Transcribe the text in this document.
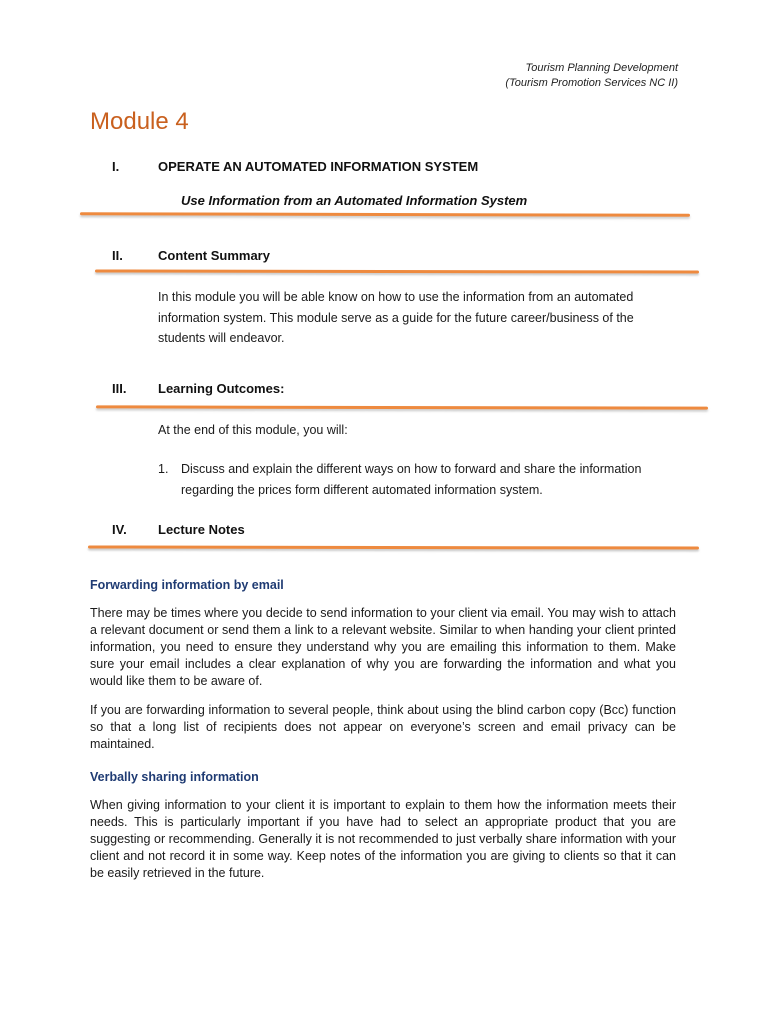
Tourism Planning Development
(Tourism Promotion Services NC II)
Module 4
I.	OPERATE AN AUTOMATED INFORMATION SYSTEM
Use Information from an Automated Information System
II.	Content Summary

In this module you will be able know on how to use the information from an automated information system. This module serve as a guide for the future career/business of the students will endeavor.

III. Learning Outcomes:

At the end of this module, you will:

1. Discuss and explain the different ways on how to forward and share the information regarding the prices form different automated information system.

IV. Lecture Notes
Forwarding information by email

There may be times where you decide to send information to your client via email. You may wish to attach a relevant document or send them a link to a relevant website. Similar to when handing your client printed information, you need to ensure they understand why you are emailing this information to them. Make sure your email includes a clear explanation of why you are forwarding the information and what you would like them to be aware of.

If you are forwarding information to several people, think about using the blind carbon copy (Bcc) function so that a long list of recipients does not appear on everyone’s screen and email privacy can be maintained.

Verbally sharing information

When giving information to your client it is important to explain to them how the information meets their needs. This is particularly important if you have had to select an appropriate product that you are suggesting or recommending. Generally it is not recommended to just verbally share information with your client and not record it in some way. Keep notes of the information you are giving to clients so that it can be easily retrieved in the future.
